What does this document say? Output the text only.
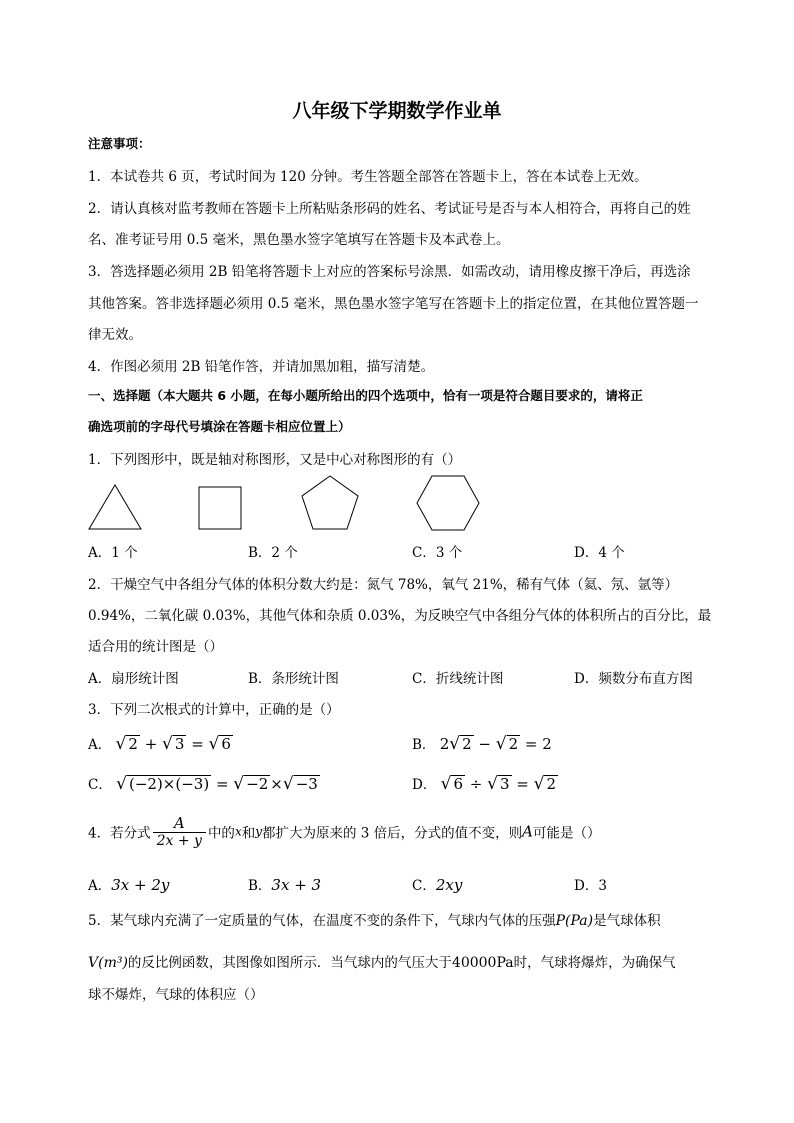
八年级下学期数学作业单
注意事项：
1．本试卷共 6 页，考试时间为 120 分钟。考生答题全部答在答题卡上，答在本试卷上无效。
2．请认真核对监考教师在答题卡上所粘贴条形码的姓名、考试证号是否与本人相符合，再将自己的姓
名、准考证号用 0.5 毫米，黑色墨水签字笔填写在答题卡及本武卷上。
3．答选择题必须用 2B 铅笔将答题卡上对应的答案标号涂黑．如需改动，请用橡皮擦干净后，再选涂
其他答案。答非选择题必须用 0.5 毫米，黑色墨水签字笔写在答题卡上的指定位置，在其他位置答题一
律无效。
4．作图必须用 2B 铅笔作答，并请加黑加粗，描写清楚。
一、选择题（本大题共 6 小题，在每小题所给出的四个选项中，恰有一项是符合题目要求的，请将正
确选项前的字母代号填涂在答题卡相应位置上）
1．下列图形中，既是轴对称图形，又是中心对称图形的有（）
A．1 个	B．2 个	C．3 个	D．4 个
2．干燥空气中各组分气体的体积分数大约是：氮气 78%，氧气 21%，稀有气体（氦、氖、氩等）
0.94%，二氧化碳 0.03%，其他气体和杂质 0.03%，为反映空气中各组分气体的体积所占的百分比，最
适合用的统计图是（）
A．扇形统计图	B．条形统计图	C．折线统计图	D．频数分布直方图
3．下列二次根式的计算中，正确的是（）
A． √ 2 + √ 3 = √ 6	B． 2√ 2 − √ 2 = 2
C． √ (−2)×(−3) = √ −2 ×√ −3	D． √ 6 ÷ √ 3 = √ 2
4．若分式 $\frac{A}{2x + y}$ 中的x和y都扩大为原来的 3 倍后，分式的值不变，则A可能是（）
A．3x + 2y	B．3x + 3	C．2xy	D．3
5．某气球内充满了一定质量的气体，在温度不变的条件下，气球内气体的压强P(Pa)是气球体积
V(m³)的反比例函数，其图像如图所示．当气球内的气压大于40000Pa时，气球将爆炸，为确保气
球不爆炸，气球的体积应（）
